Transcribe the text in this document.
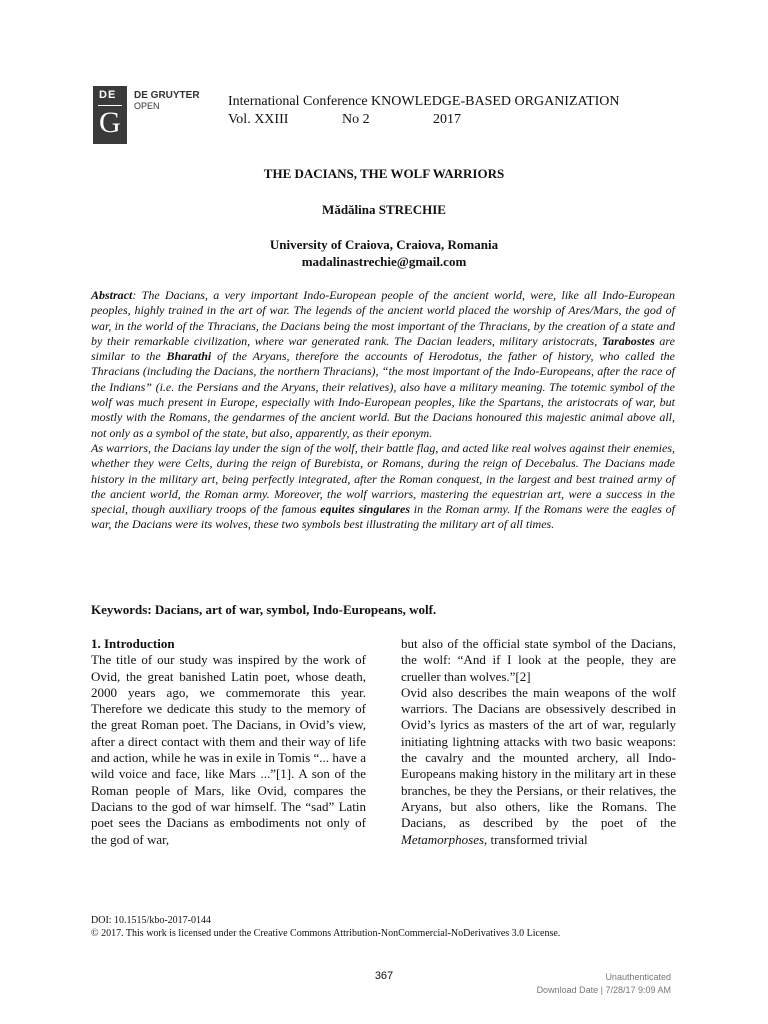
DE
G
DE GRUYTER
OPEN	International Conference KNOWLEDGE-BASED ORGANIZATION
Vol. XXIII	No 2	2017
THE DACIANS, THE WOLF WARRIORS
Mădălina STRECHIE
University of Craiova, Craiova, Romania
madalinastrechie@gmail.com

Abstract: The Dacians, a very important Indo-European people of the ancient world, were, like all Indo-European peoples, highly trained in the art of war. The legends of the ancient world placed the worship of Ares/Mars, the god of war, in the world of the Thracians, the Dacians being the most important of the Thracians, by the creation of a state and by their remarkable civilization, where war generated rank. The Dacian leaders, military aristocrats, Tarabostes are similar to the Bharathi of the Aryans, therefore the accounts of Herodotus, the father of history, who called the Thracians (including the Dacians, the northern Thracians), “the most important of the Indo-Europeans, after the race of the Indians” (i.e. the Persians and the Aryans, their relatives), also have a military meaning. The totemic symbol of the wolf was much present in Europe, especially with Indo-European peoples, like the Spartans, the aristocrats of war, but mostly with the Romans, the gendarmes of the ancient world. But the Dacians honoured this majestic animal above all, not only as a symbol of the state, but also, apparently, as their eponym.

As warriors, the Dacians lay under the sign of the wolf, their battle flag, and acted like real wolves against their enemies, whether they were Celts, during the reign of Burebista, or Romans, during the reign of Decebalus. The Dacians made history in the military art, being perfectly integrated, after the Roman conquest, in the largest and best trained army of the ancient world, the Roman army. Moreover, the wolf warriors, mastering the equestrian art, were a success in the special, though auxiliary troops of the famous equites singulares in the Roman army. If the Romans were the eagles of war, the Dacians were its wolves, these two symbols best illustrating the military art of all times.

Keywords: Dacians, art of war, symbol, Indo-Europeans, wolf.
1. Introduction

The title of our study was inspired by the work of Ovid, the great banished Latin poet, whose death, 2000 years ago, we commemorate this year. Therefore we dedicate this study to the memory of the great Roman poet. The Dacians, in Ovid’s view, after a direct contact with them and their way of life and action, while he was in exile in Tomis “... have a wild voice and face, like Mars ...”[1]. A son of the Roman people of Mars, like Ovid, compares the Dacians to the god of war himself. The “sad” Latin poet sees the Dacians as embodiments not only of the god of war,

but also of the official state symbol of the Dacians, the wolf: “And if I look at the people, they are crueller than wolves.”[2]

Ovid also describes the main weapons of the wolf warriors. The Dacians are obsessively described in Ovid’s lyrics as masters of the art of war, regularly initiating lightning attacks with two basic weapons: the cavalry and the mounted archery, all Indo-Europeans making history in the military art in these branches, be they the Persians, or their relatives, the Aryans, but also others, like the Romans. The Dacians, as described by the poet of the Metamorphoses, transformed trivial

DOI: 10.1515/kbo-2017-0144
© 2017. This work is licensed under the Creative Commons Attribution-NonCommercial-NoDerivatives 3.0 License.
367	Unauthenticated
Download Date | 7/28/17 9:09 AM
